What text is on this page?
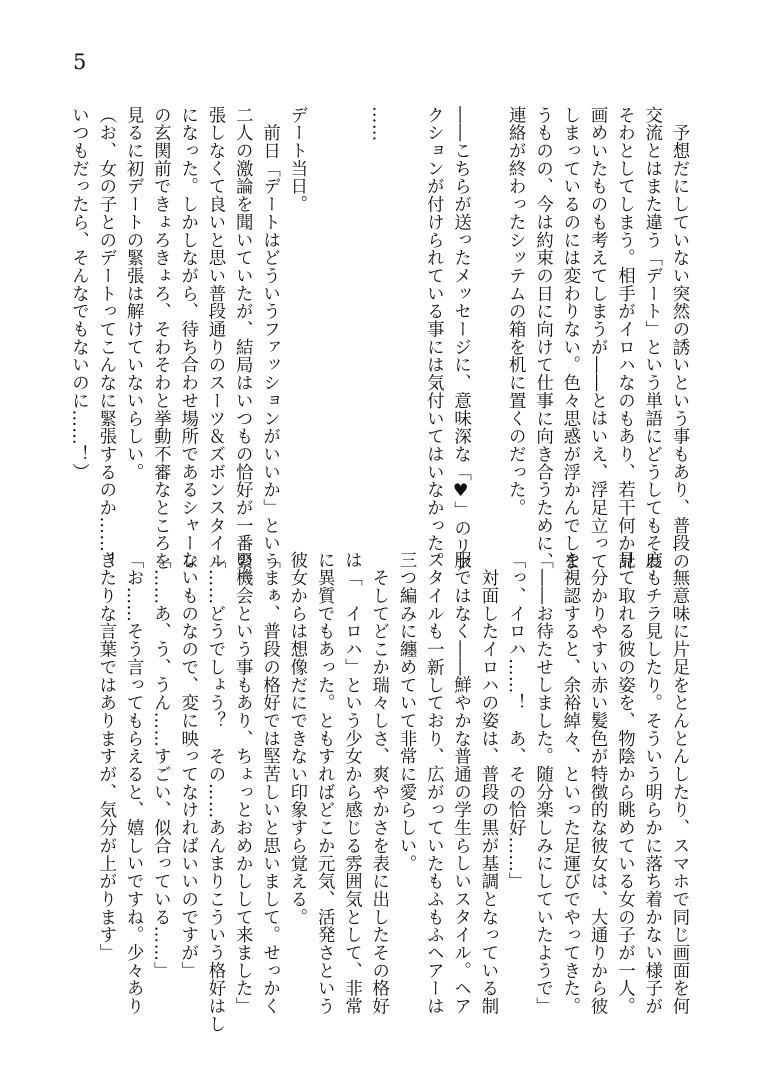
5

　予想だにしていない突然の誘いという事もあり、普段の

交流とはまた違う「デート」という単語にどうしてもそわ

そわとしてしまう。相手がイロハなのもあり、若干何か計

画めいたものも考えてしまうが――とはいえ、浮足立って

しまっているのには変わりない。色々思惑が浮かんでしま

うものの、今は約束の日に向けて仕事に向き合うために、

連絡が終わったシッテムの箱を机に置くのだった。

――こちらが送ったメッセージに、意味深な「♥」のリア

クションが付けられている事には気付いてはいなかった。

……

デート当日。

　前日「デートはどういうファッションがいいか」という

二人の激論を聞いていたが、結局はいつもの恰好が一番緊

張しなくて良いと思い普段通りのスーツ＆ズボンスタイル

になった。しかしながら、待ち合わせ場所であるシャーレ

の玄関前できょろきょろ、そわそわと挙動不審なところを

見るに初デートの緊張は解けていないらしい。

（お、女の子とのデートってこんなに緊張するのか……！

いつもだったら、そんなでもないのに……！）

　無意味に片足をとんとんしたり、スマホで同じ画面を何

度もチラ見したり。そういう明らかに落ち着かない様子が

見て取れる彼の姿を、物陰から眺めている女の子が一人。

　分かりやすい赤い髪色が特徴的な彼女は、大通りから彼

を視認すると、余裕綽々、といった足運びでやってきた。

「――お待たせしました。随分楽しみにしていたようで」

「っ、イロハ……！　あ、その恰好……」

　対面したイロハの姿は、普段の黒が基調となっている制

服ではなく――鮮やかな普通の学生らしいスタイル。ヘア

スタイルも一新しており、広がっていたもふもふヘアーは

三つ編みに纏めていて非常に愛らしい。

　そしてどこか瑞々しさ、爽やかさを表に出したその格好

は「　イロハ」という少女から感じる雰囲気として、非常

に異質でもあった。ともすればどこか元気、活発さという

彼女からは想像だにできない印象すら覚える。

「まぁ、普段の格好では堅苦しいと思いまして。せっかく

の機会という事もあり、ちょっとおめかしして来ました」

「……どうでしょう？　その……あんまりこういう格好はし

ないものなので、変に映ってなければいいのですが」

「……あ、う、うん……すごい、似合っている……」

「お……そう言ってもらえると、嬉しいですね。少々あり

きたりな言葉ではありますが、気分が上がります」
